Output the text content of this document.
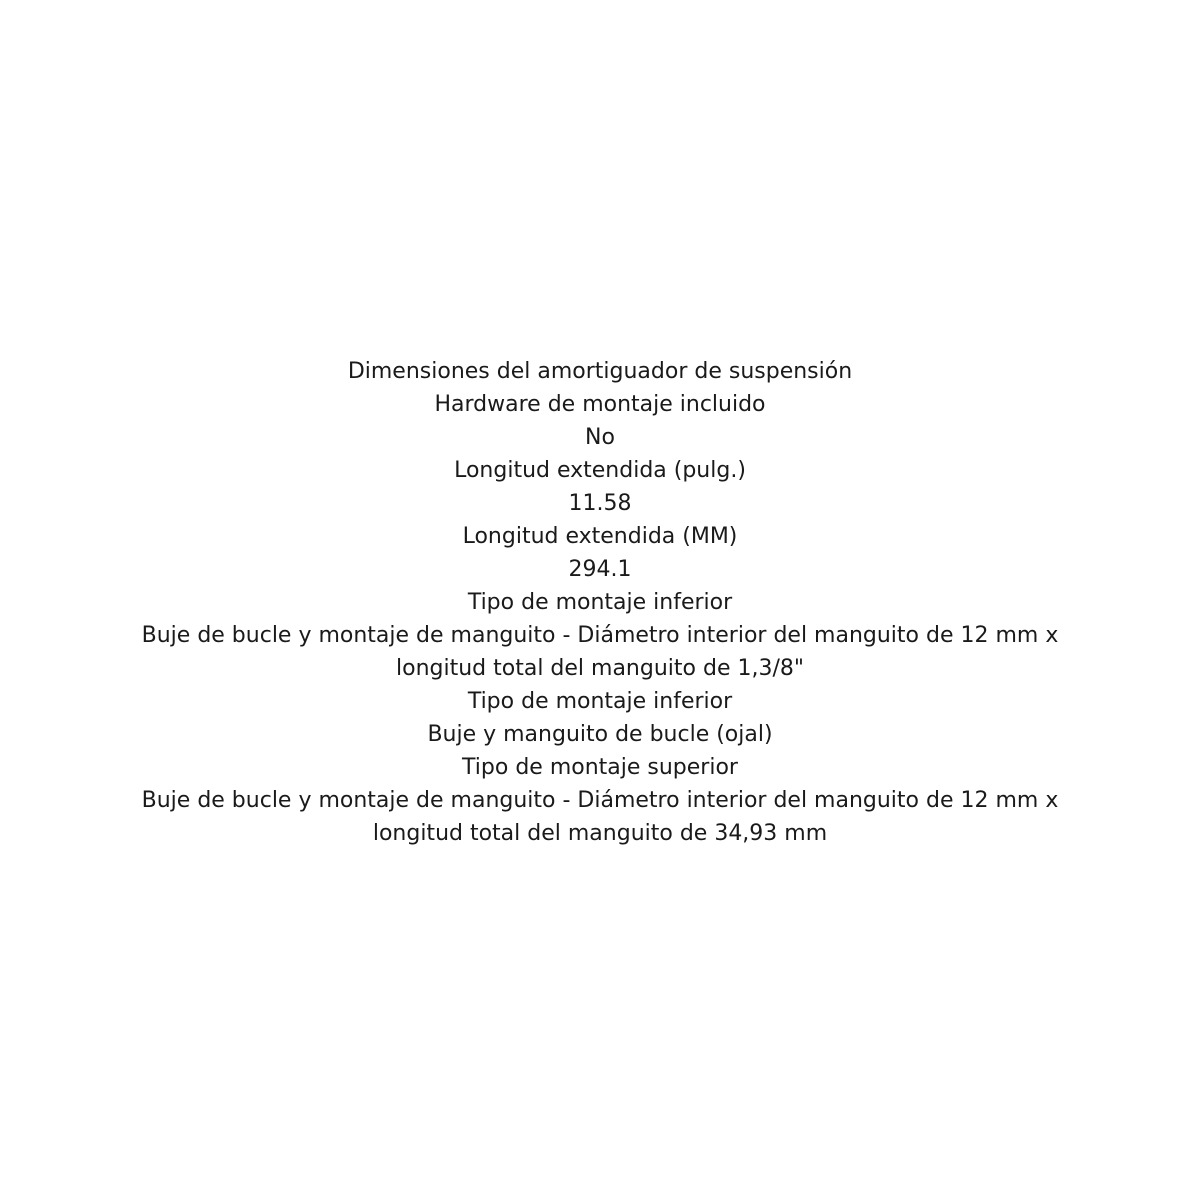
Dimensiones del amortiguador de suspensión

Hardware de montaje incluido

No

Longitud extendida (pulg.)

11.58

Longitud extendida (MM)

294.1

Tipo de montaje inferior

Buje de bucle y montaje de manguito - Diámetro interior del manguito de 12 mm x longitud total del manguito de 1,3/8"

Tipo de montaje inferior

Buje y manguito de bucle (ojal)

Tipo de montaje superior

Buje de bucle y montaje de manguito - Diámetro interior del manguito de 12 mm x longitud total del manguito de 34,93 mm
